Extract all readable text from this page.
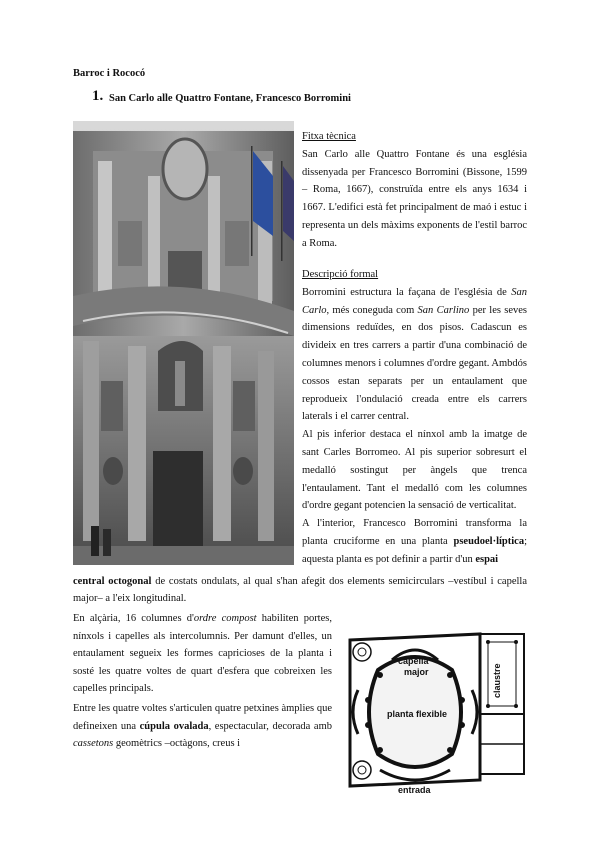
Barroc i Rococó
1. San Carlo alle Quattro Fontane, Francesco Borromini

Fitxa tècnica

San Carlo alle Quattro Fontane és una església dissenyada per Francesco Borromini (Bissone, 1599 – Roma, 1667), construïda entre els anys 1634 i 1667. L'edifici està fet principalment de maó i estuc i representa un dels màxims exponents de l'estil barroc a Roma.

Descripció formal

Borromini estructura la façana de l'església de San Carlo, més coneguda com San Carlino per les seves dimensions reduïdes, en dos pisos. Cadascun es divideix en tres carrers a partir d'una combinació de columnes menors i columnes d'ordre gegant. Ambdós cossos estan separats per un entaulament que reprodueix l'ondulació creada entre els carrers laterals i el carrer central.

Al pis inferior destaca el nínxol amb la imatge de sant Carles Borromeo. Al pis superior sobresurt el medalló sostingut per àngels que trenca l'entaulament. Tant el medalló com les columnes d'ordre gegant potencien la sensació de verticalitat.

A l'interior, Francesco Borromini transforma la planta cruciforme en una planta pseudoel·líptica; aquesta planta es pot definir a partir d'un espai

central octogonal de costats ondulats, al qual s'han afegit dos elements semicirculars –vestíbul i capella major– a l'eix longitudinal.

En alçària, 16 columnes d'ordre compost habiliten portes, nínxols i capelles als intercolumnis. Per damunt d'elles, un entaulament segueix les formes capricioses de la planta i sosté les quatre voltes de quart d'esfera que cobreixen les capelles principals.

Entre les quatre voltes s'articulen quatre petxines àmplies que defineixen una cúpula ovalada, espectacular, decorada amb cassetons geomètrics –octàgons, creus i

capella
major
planta flexible
entrada
claustre
